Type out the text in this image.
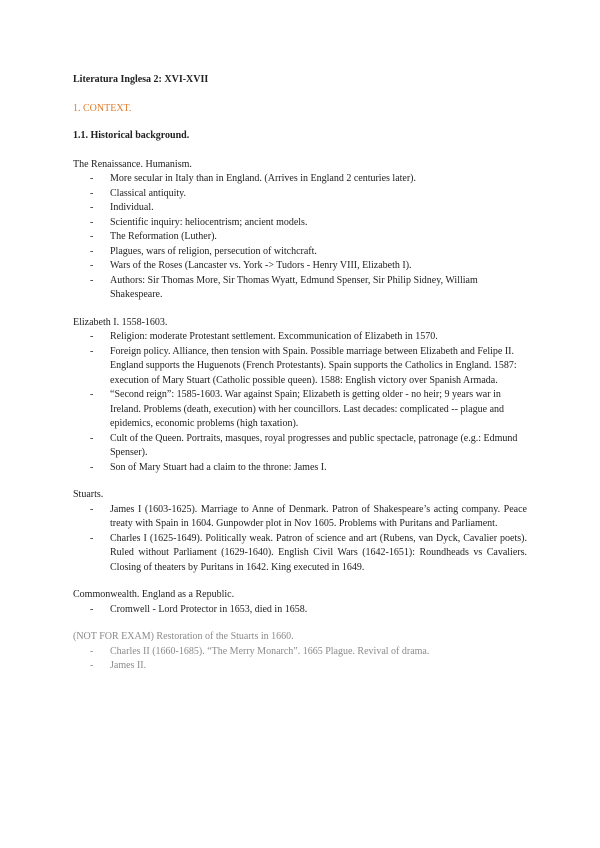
Literatura Inglesa 2: XVI-XVII
1. CONTEXT.
1.1. Historical background.
The Renaissance. Humanism.
- More secular in Italy than in England. (Arrives in England 2 centuries later).
- Classical antiquity.
- Individual.
- Scientific inquiry: heliocentrism; ancient models.
- The Reformation (Luther).
- Plagues, wars of religion, persecution of witchcraft.
- Wars of the Roses (Lancaster vs. York -> Tudors - Henry VIII, Elizabeth I).
- Authors: Sir Thomas More, Sir Thomas Wyatt, Edmund Spenser, Sir Philip Sidney, William Shakespeare.
Elizabeth I. 1558-1603.
- Religion: moderate Protestant settlement. Excommunication of Elizabeth in 1570.
- Foreign policy. Alliance, then tension with Spain. Possible marriage between Elizabeth and Felipe II. England supports the Huguenots (French Protestants). Spain supports the Catholics in England. 1587: execution of Mary Stuart (Catholic possible queen). 1588: English victory over Spanish Armada.
- “Second reign”: 1585-1603. War against Spain; Elizabeth is getting older - no heir; 9 years war in Ireland. Problems (death, execution) with her councillors. Last decades: complicated -- plague and epidemics, economic problems (high taxation).
- Cult of the Queen. Portraits, masques, royal progresses and public spectacle, patronage (e.g.: Edmund Spenser).
- Son of Mary Stuart had a claim to the throne: James I.
Stuarts.
- James I (1603-1625). Marriage to Anne of Denmark. Patron of Shakespeare’s acting company. Peace treaty with Spain in 1604. Gunpowder plot in Nov 1605. Problems with Puritans and Parliament.
- Charles I (1625-1649). Politically weak. Patron of science and art (Rubens, van Dyck, Cavalier poets). Ruled without Parliament (1629-1640). English Civil Wars (1642-1651): Roundheads vs Cavaliers. Closing of theaters by Puritans in 1642. King executed in 1649.
Commonwealth. England as a Republic.
- Cromwell - Lord Protector in 1653, died in 1658.
(NOT FOR EXAM) Restoration of the Stuarts in 1660.
- Charles II (1660-1685). “The Merry Monarch”. 1665 Plague. Revival of drama.
- James II.
